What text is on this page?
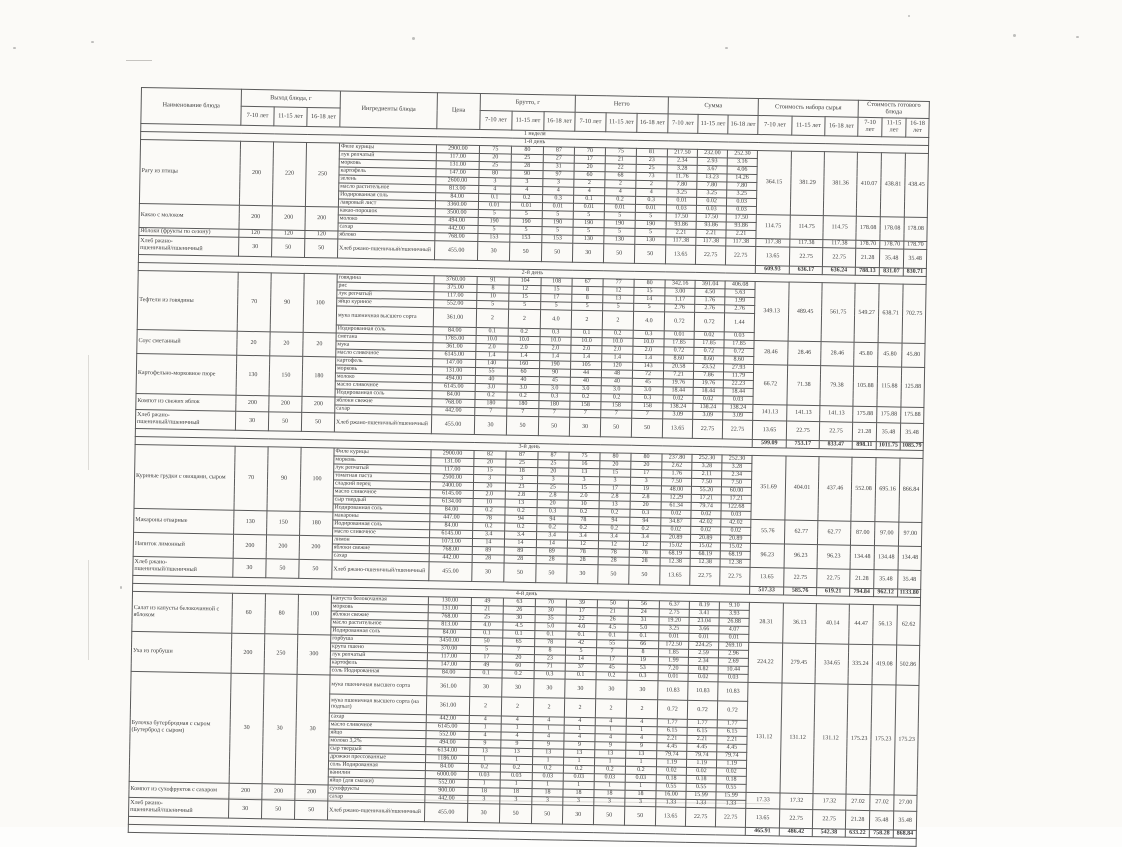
Наименование блюда	Выход блюда, г			Ингредиенты блюда	Цена	Брутто, г			Нетто			Сумма			Стоимость набора сырья			Стоимость готового блюда		
	7-10 лет	11-15 лет	16-18 лет			7-10 лет	11-15 лет	16-18 лет	7-10 лет	11-15 лет	16-18 лет	7-10 лет	11-15 лет	16-18 лет	7-10 лет	11-15 лет	16-18 лет	7-10 лет	11-15 лет	16-18 лет
1 неделя																				
1-й день																				
Рагу из птицы	200	220	250	Филе курицы	2900.00	75	80	87	70	75	81	217.50	232.00	252.30	364.15	381.29	381.36	410.07	438.81	438.45
				лук репчатый	117.00	20	25	27	17	21	23	2.34	2.93	3.16						
				морковь	131.00	25	28	31	20	22	25	3.28	3.67	4.06						
				картофель	147.00	80	90	97	60	68	73	11.76	13.23	14.26						
				зелень	2600.00	3	3	3	2	2	2	7.80	7.80	7.80						
				масло растительное	813.00	4	4	4	4	4	4	3.25	3.25	3.25						
				Йодированная соль	84.00	0.1	0.2	0.3	0.1	0.2	0.3	0.01	0.02	0.03						
				лавровый лист	3360.00	0.01	0.01	0.01	0.01	0.01	0.01	0.03	0.03	0.03						
Какао с молоком	200	200	200	какао-порошок	3500.00	5	5	5	5	5	5	17.50	17.50	17.50	114.75	114.75	114.75	178.08	178.08	178.08
				молоко	494.00	190	190	190	190	190	190	93.86	93.86	93.86						
				сахар	442.00	5	5	5	5	5	5	2.21	2.21	2.21						
Яблоки (фрукты по сезону)	120	120	120	яблоко	768.00	153	153	153	130	130	130	117.38	117.38	117.38	117.38	117.38	117.38	178.70	178.70	178.70
Хлеб ржано-
пшеничный/пшеничный	30	50	50	Хлеб ржано-пшеничный/пшеничный	455.00	30	50	50	30	50	50	13.65	22.75	22.75	13.65	22.75	22.75	21.28	35.48	35.48
															609.93	636.17	636.24	788.13	831.07	830.71
2-й день																				
Тефтели из говядины	70	90	100	говядина	3760.00	91	104	108	67	77	80	342.16	391.04	406.08	349.13	489.45	561.75	549.27	638.71	702.75
				рис	375.00	8	12	15	8	12	15	3.00	4.50	5.63						
				лук репчатый	117.00	10	15	17	8	13	14	1.17	1.76	1.99						
				яйцо куриное	552.00	5	5	5	5	5	5	2.76	2.76	2.76						
				мука пшеничная высшего сорта	361.00	2	2	4.0	2	2	4.0	0.72	0.72	1.44						
				Йодированная соль	84.00	0.1	0.2	0.3	0.1	0.2	0.3	0.01	0.02	0.03						
Соус сметанный	20	20	20	сметана	1785.00	10.0	10.0	10.0	10.0	10.0	10.0	17.85	17.85	17.85	28.46	28.46	28.46	45.80	45.80	45.80
				мука	361.00	2.0	2.0	2.0	2.0	2.0	2.0	0.72	0.72	0.72						
				масло сливочное	6145.00	1.4	1.4	1.4	1.4	1.4	1.4	8.60	8.60	8.60						
Картофельно-морковное пюре	130	150	180	картофель	147.00	140	160	190	105	120	143	20.58	23.52	27.93	66.72	71.38	79.38	105.88	115.88	125.88
				морковь	131.00	55	60	90	44	48	72	7.21	7.86	11.79						
				молоко	494.00	40	40	45	40	40	45	19.76	19.76	22.23						
				масло сливочное	6145.00	3.0	3.0	3.0	3.0	3.0	3.0	18.44	18.44	18.44						
				Йодированная соль	84.00	0.2	0.2	0.3	0.2	0.2	0.3	0.02	0.02	0.03						
Компот из свежих яблок	200	200	200	яблоки свежие	768.00	180	180	180	158	158	158	138.24	138.24	138.24	141.13	141.13	141.13	175.88	175.88	175.88
				сахар	442.00	7	7	7	7	7	7	3.09	3.09	3.09						
Хлеб ржано-
пшеничный/пшеничный	30	50	50	Хлеб ржано-пшеничный/пшеничный	455.00	30	50	50	30	50	50	13.65	22.75	22.75	13.65	22.75	22.75	21.28	35.48	35.48
															599.09	753.17	833.47	898.11	1011.75	1085.79
3-й день																				
Куриные грудки с овощами, сыром	70	90	100	Филе курицы	2900.00	82	87	87	75	80	80	237.80	252.30	252.30	351.69	404.01	437.46	552.08	695.16	866.84
				морковь	131.00	20	25	25	16	20	20	2.62	3.28	3.28						
				лук репчатый	117.00	15	18	20	13	15	17	1.76	2.11	2.34						
				томатная паста	2500.00	3	3	3	3	3	3	7.50	7.50	7.50						
				сладкий перец	2400.00	20	23	25	15	17	19	48.00	55.20	60.00						
				масло сливочное	6145.00	2.0	2.8	2.8	2.0	2.8	2.8	12.29	17.21	17.21						
				сыр твердый	6134.00	10	13	20	10	13	20	61.34	79.74	122.68						
				Йодированная соль	84.00	0.2	0.2	0.3	0.2	0.2	0.3	0.02	0.02	0.03						
Макароны отварные	130	150	180	макароны	447.00	78	94	94	78	94	94	34.87	42.02	42.02	55.76	62.77	62.77	87.00	97.00	97.00
				Йодированная соль	84.00	0.2	0.2	0.2	0.2	0.2	0.2	0.02	0.02	0.02						
				масло сливочное	6145.00	3.4	3.4	3.4	3.4	3.4	3.4	20.89	20.89	20.89						
Напиток лимонный	200	200	200	лимон	1073.00	14	14	14	12	12	12	15.02	15.02	15.02	96.23	96.23	96.23	134.48	134.48	134.48
				яблоки свежие	768.00	89	89	89	78	78	78	68.19	68.19	68.19						
				сахар	442.00	28	28	28	28	28	28	12.38	12.38	12.38						
Хлеб ржано-
пшеничный/пшеничный	30	50	50	Хлеб ржано-пшеничный/пшеничный	455.00	30	50	50	30	50	50	13.65	22.75	22.75	13.65	22.75	22.75	21.28	35.48	35.48
															517.33	585.76	619.21	794.84	962.12	1133.80
4-й день																				
Салат из капусты белокочанной с яблоком	60	80	100	капуста белокочанная	130.00	49	63	70	39	50	56	6.37	8.19	9.10	28.31	36.13	40.14	44.47	56.13	62.62
				морковь	131.00	21	26	30	17	21	24	2.75	3.41	3.93						
				яблоки свежие	768.00	25	30	35	22	26	31	19.20	23.04	26.88						
				масло растительное	813.00	4.0	4.5	5.0	4.0	4.5	5.0	3.25	3.66	4.07						
				Йодированная соль	84.00	0.1	0.1	0.1	0.1	0.1	0.1	0.01	0.01	0.01						
Уха из горбуши	200	250	300	горбуша	3450.00	50	65	78	42	55	66	172.50	224.25	269.10	224.22	279.45	334.65	335.24	419.08	502.86
				крупа пшено	370.00	5	7	8	5	7	8	1.85	2.59	2.96						
				лук репчатый	117.00	17	20	23	14	17	19	1.99	2.34	2.69						
				картофель	147.00	49	60	71	37	45	53	7.20	8.82	10.44						
				соль Йодированная	84.00	0.1	0.2	0.3	0.1	0.2	0.3	0.01	0.02	0.03						
Булочка бутербродная с сыром
(Бутерброд с сыром)	30	30	30	мука пшеничная высшего сорта	361.00	30	30	30	30	30	30	10.83	10.83	10.83	131.12	131.12	131.12	175.23	175.23	175.23
				мука пшеничная высшего сорта (на подпыл)	361.00	2	2	2	2	2	2	0.72	0.72	0.72						
				сахар	442.00	4	4	4	4	4	4	1.77	1.77	1.77						
				масло сливочное	6145.00	1	1	1	1	1	1	6.15	6.15	6.15						
				яйцо	552.00	4	4	4	4	4	4	2.21	2.21	2.21						
				молоко 3,2%	494.00	9	9	9	9	9	9	4.45	4.45	4.45						
				сыр твердый	6134.00	13	13	13	13	13	13	79.74	79.74	79.74						
				дрожжи прессованные	1186.00	1	1	1	1	1	1	1.19	1.19	1.19						
				соль Йодированная	84.00	0.2	0.2	0.2	0.2	0.2	0.2	0.02	0.02	0.02						
				ванилин	6000.00	0.03	0.03	0.03	0.03	0.03	0.03	0.18	0.18	0.18						
				яйцо (для смазки)	552.00	1	1	1	1	1	1	0.55	0.55	0.55						
Компот из сухофруктов с сахаром	200	200	200	сухофрукты	900.00	18	18	18	18	18	18	16.00	15.99	15.99	17.33	17.32	17.32	27.02	27.02	27.00
				сахар	442.00	3	3	3	3	3	3	1.33	1.33	1.33						
Хлеб ржано-
пшеничный/пшеничный	30	50	50	Хлеб ржано-пшеничный/пшеничный	455.00	30	50	50	30	50	50	13.65	22.75	22.75	13.65	22.75	22.75	21.28	35.48	35.48
															465.91	486.42	542.38	633.22	758.28	868.84
